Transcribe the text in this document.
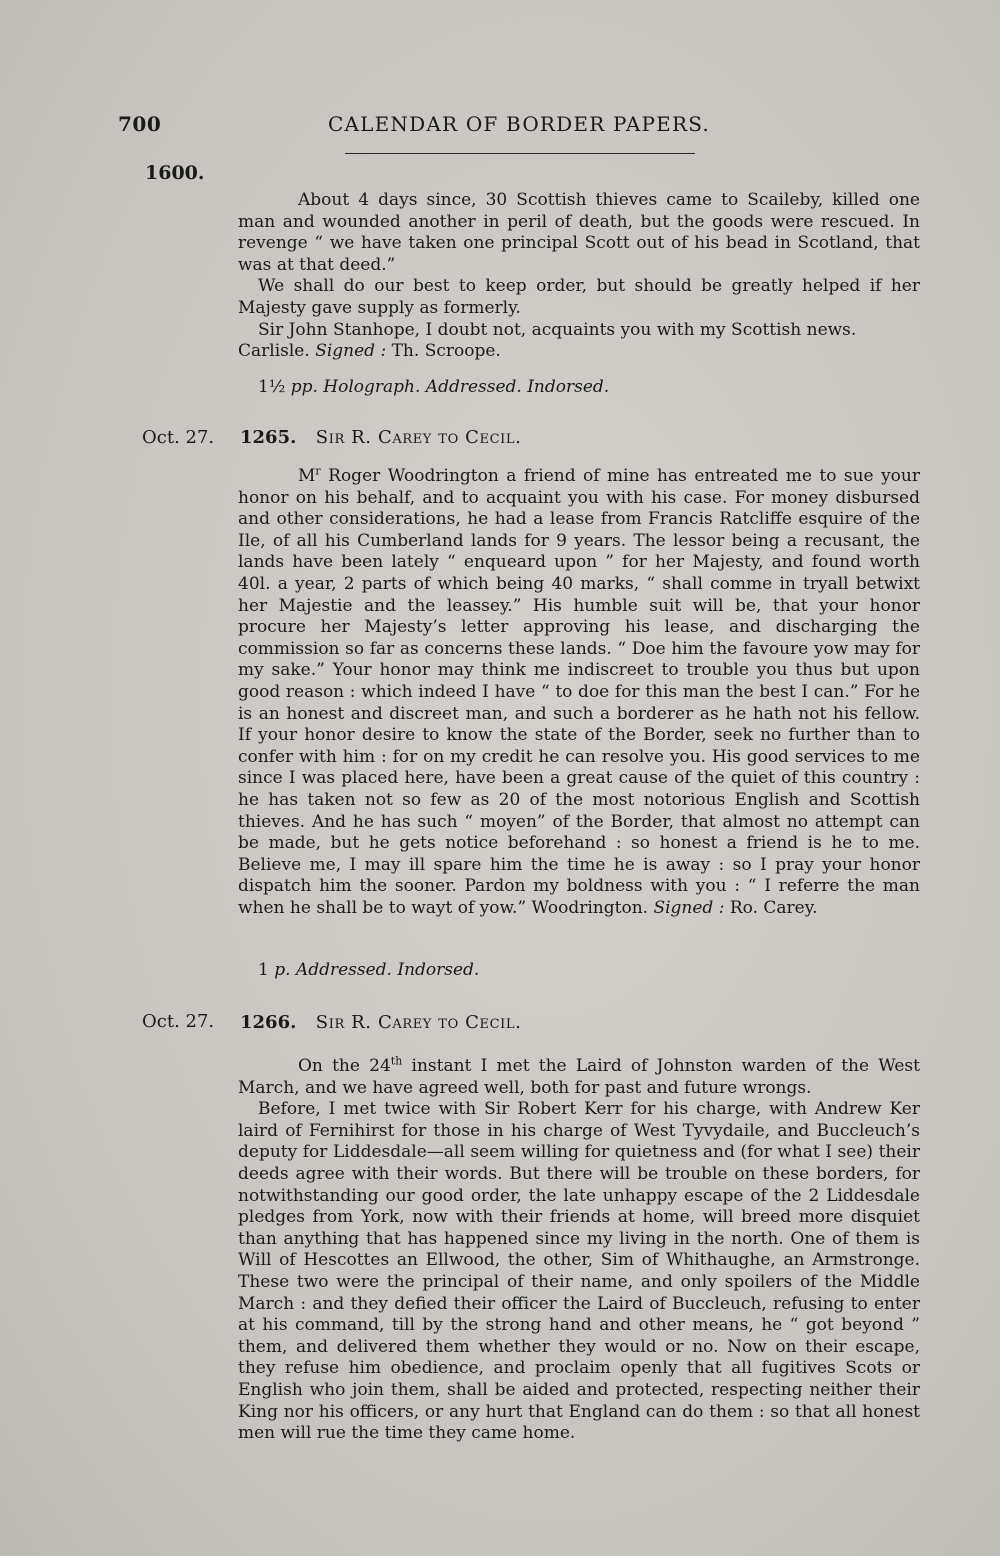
700	CALENDAR OF BORDER PAPERS.
1600.

About 4 days since, 30 Scottish thieves came to Scaileby, killed one man and wounded another in peril of death, but the goods were rescued. In revenge “ we have taken one principal Scott out of his bead in Scotland, that was at that deed.”

We shall do our best to keep order, but should be greatly helped if her Majesty gave supply as formerly.

Sir John Stanhope, I doubt not, acquaints you with my Scottish news.

Carlisle. Signed : Th. Scroope.

1½ pp. Holograph. Addressed. Indorsed.
Oct. 27. 1265. Sir R. Carey to Cecil.

$M^r$ Roger Woodrington a friend of mine has entreated me to sue your honor on his behalf, and to acquaint you with his case. For money disbursed and other considerations, he had a lease from Francis Ratcliffe esquire of the Ile, of all his Cumberland lands for 9 years. The lessor being a recusant, the lands have been lately “ enqueard upon ” for her Majesty, and found worth 40l. a year, 2 parts of which being 40 marks, “ shall comme in tryall betwixt her Majestie and the leassey.” His humble suit will be, that your honor procure her Majesty’s letter approving his lease, and discharging the commission so far as concerns these lands. “ Doe him the favoure yow may for my sake.” Your honor may think me indiscreet to trouble you thus but upon good reason : which indeed I have “ to doe for this man the best I can.” For he is an honest and discreet man, and such a borderer as he hath not his fellow. If your honor desire to know the state of the Border, seek no further than to confer with him : for on my credit he can resolve you. His good services to me since I was placed here, have been a great cause of the quiet of this country : he has taken not so few as 20 of the most notorious English and Scottish thieves. And he has such “ moyen” of the Border, that almost no attempt can be made, but he gets notice beforehand : so honest a friend is he to me. Believe me, I may ill spare him the time he is away : so I pray your honor dispatch him the sooner. Pardon my boldness with you : “ I referre the man when he shall be to wayt of yow.” Woodrington. Signed : Ro. Carey.

1 p. Addressed. Indorsed.
Oct. 27. 1266. Sir R. Carey to Cecil.

On the 24th instant I met the Laird of Johnston warden of the West March, and we have agreed well, both for past and future wrongs.

Before, I met twice with Sir Robert Kerr for his charge, with Andrew Ker laird of Fernihirst for those in his charge of West Tyvydaile, and Buccleuch’s deputy for Liddesdale—all seem willing for quietness and (for what I see) their deeds agree with their words. But there will be trouble on these borders, for notwithstanding our good order, the late unhappy escape of the 2 Liddesdale pledges from York, now with their friends at home, will breed more disquiet than anything that has happened since my living in the north. One of them is Will of Hescottes an Ellwood, the other, Sim of Whithaughe, an Armstronge. These two were the principal of their name, and only spoilers of the Middle March : and they defied their officer the Laird of Buccleuch, refusing to enter at his command, till by the strong hand and other means, he “ got beyond ” them, and delivered them whether they would or no. Now on their escape, they refuse him obedience, and proclaim openly that all fugitives Scots or English who join them, shall be aided and protected, respecting neither their King nor his officers, or any hurt that England can do them : so that all honest men will rue the time they came home.
